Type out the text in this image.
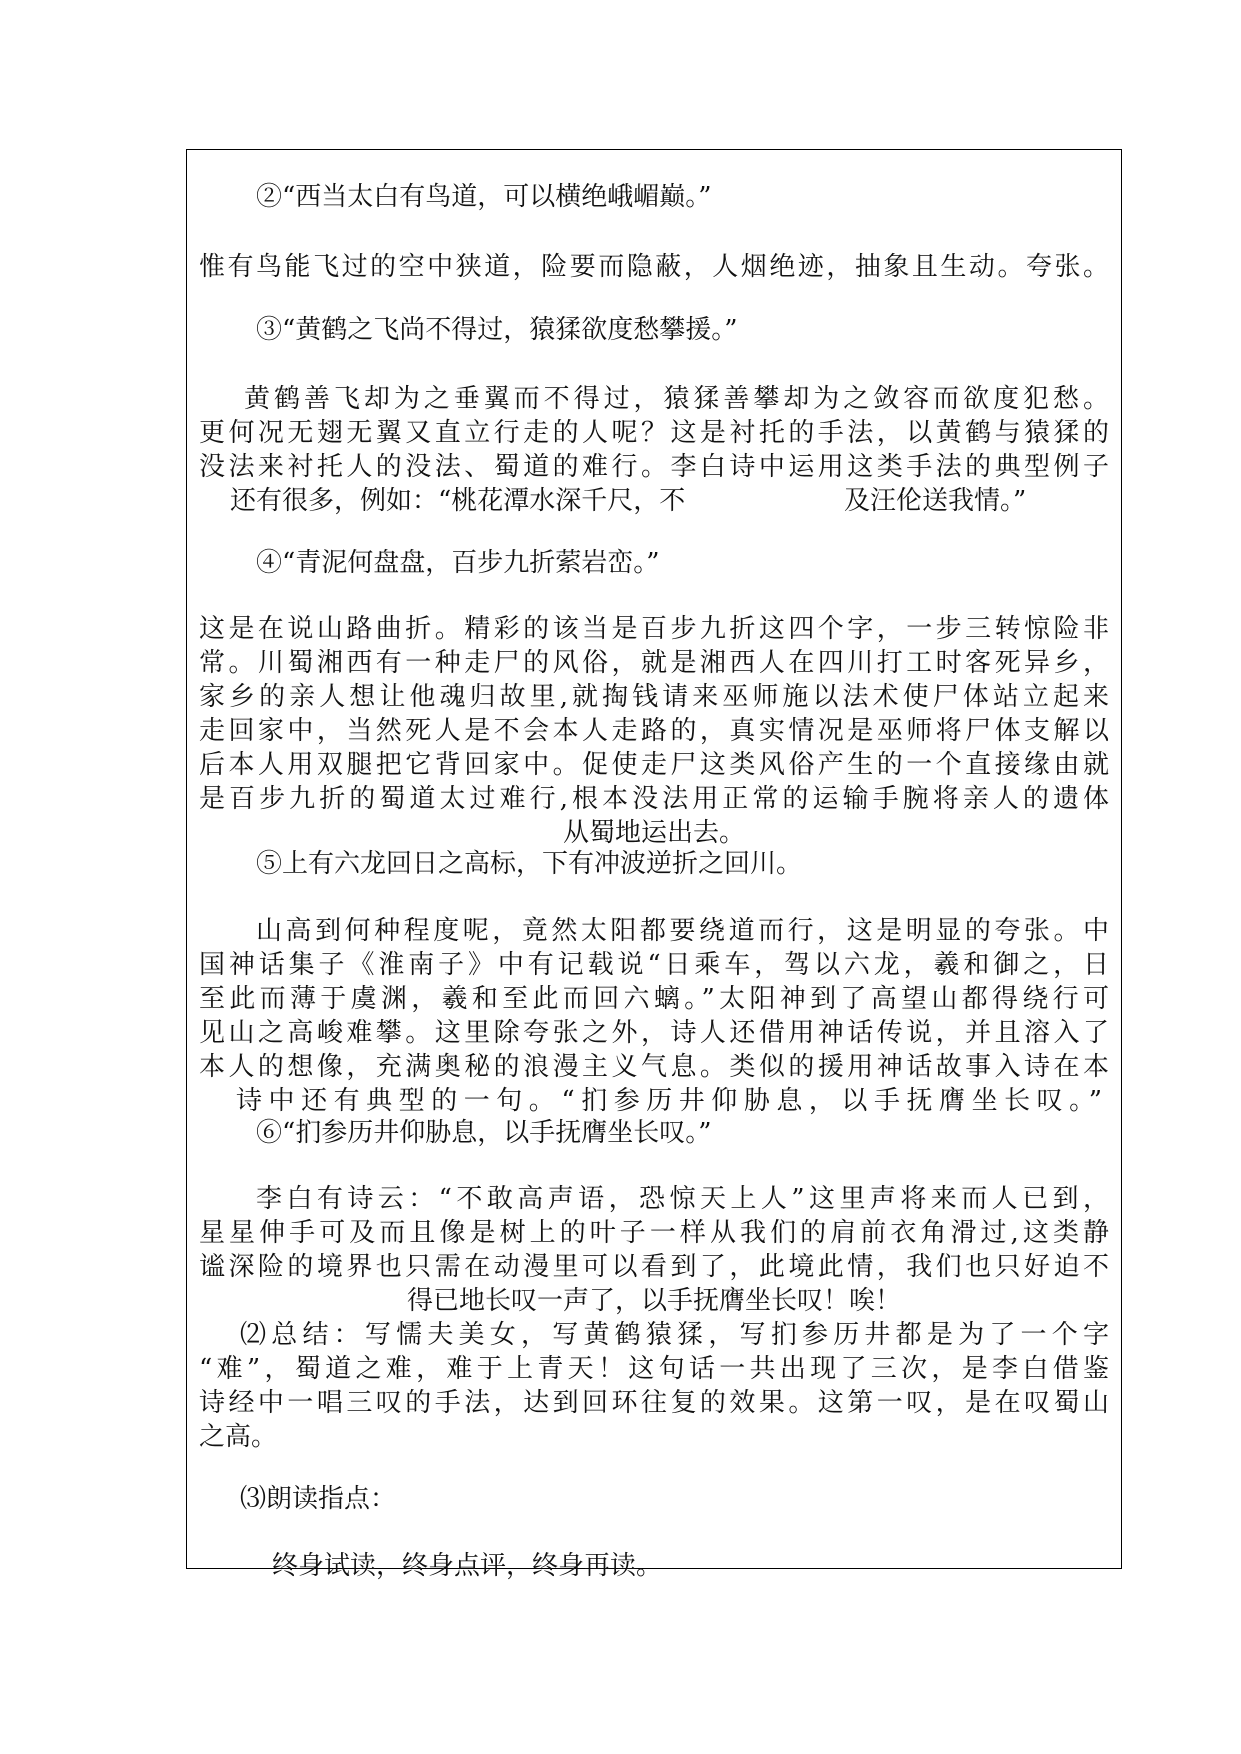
②“西当太白有鸟道，可以横绝峨嵋巅。”

惟有鸟能飞过的空中狭道，险要而隐蔽，人烟绝迹，抽象且生动。夸张。

③“黄鹤之飞尚不得过，猿猱欲度愁攀援。”

黄鹤善飞却为之垂翼而不得过，猿猱善攀却为之敛容而欲度犯愁。

更何况无翅无翼又直立行走的人呢？这是衬托的手法，以黄鹤与猿猱的

没法来衬托人的没法、蜀道的难行。李白诗中运用这类手法的典型例子

还有很多，例如：“桃花潭水深千尺，不	及汪伦送我情。”

④“青泥何盘盘，百步九折萦岩峦。”

这是在说山路曲折。精彩的该当是百步九折这四个字，一步三转惊险非

常。川蜀湘西有一种走尸的风俗，就是湘西人在四川打工时客死异乡，

家乡的亲人想让他魂归故里,就掏钱请来巫师施以法术使尸体站立起来

走回家中，当然死人是不会本人走路的，真实情况是巫师将尸体支解以

后本人用双腿把它背回家中。促使走尸这类风俗产生的一个直接缘由就

是百步九折的蜀道太过难行,根本没法用正常的运输手腕将亲人的遗体

从蜀地运出去。

⑤上有六龙回日之高标，下有冲波逆折之回川。

山高到何种程度呢，竟然太阳都要绕道而行，这是明显的夸张。中

国神话集子《淮南子》中有记载说“日乘车，驾以六龙，羲和御之，日

至此而薄于虞渊，羲和至此而回六螭。”太阳神到了高望山都得绕行可

见山之高峻难攀。这里除夸张之外，诗人还借用神话传说，并且溶入了

本人的想像，充满奥秘的浪漫主义气息。类似的援用神话故事入诗在本

诗中还有典型的一句。“扪参历井仰胁息，以手抚膺坐长叹。”

⑥“扪参历井仰胁息，以手抚膺坐长叹。”

李白有诗云：“不敢高声语，恐惊天上人”这里声将来而人已到，

星星伸手可及而且像是树上的叶子一样从我们的肩前衣角滑过,这类静

谧深险的境界也只需在动漫里可以看到了，此境此情，我们也只好迫不

得已地长叹一声了，以手抚膺坐长叹！唉！

⑵总结：写懦夫美女，写黄鹤猿猱，写扪参历井都是为了一个字

“难”，蜀道之难，难于上青天！这句话一共出现了三次，是李白借鉴

诗经中一唱三叹的手法，达到回环往复的效果。这第一叹，是在叹蜀山

之高。

⑶朗读指点：

终身试读，终身点评，终身再读。
